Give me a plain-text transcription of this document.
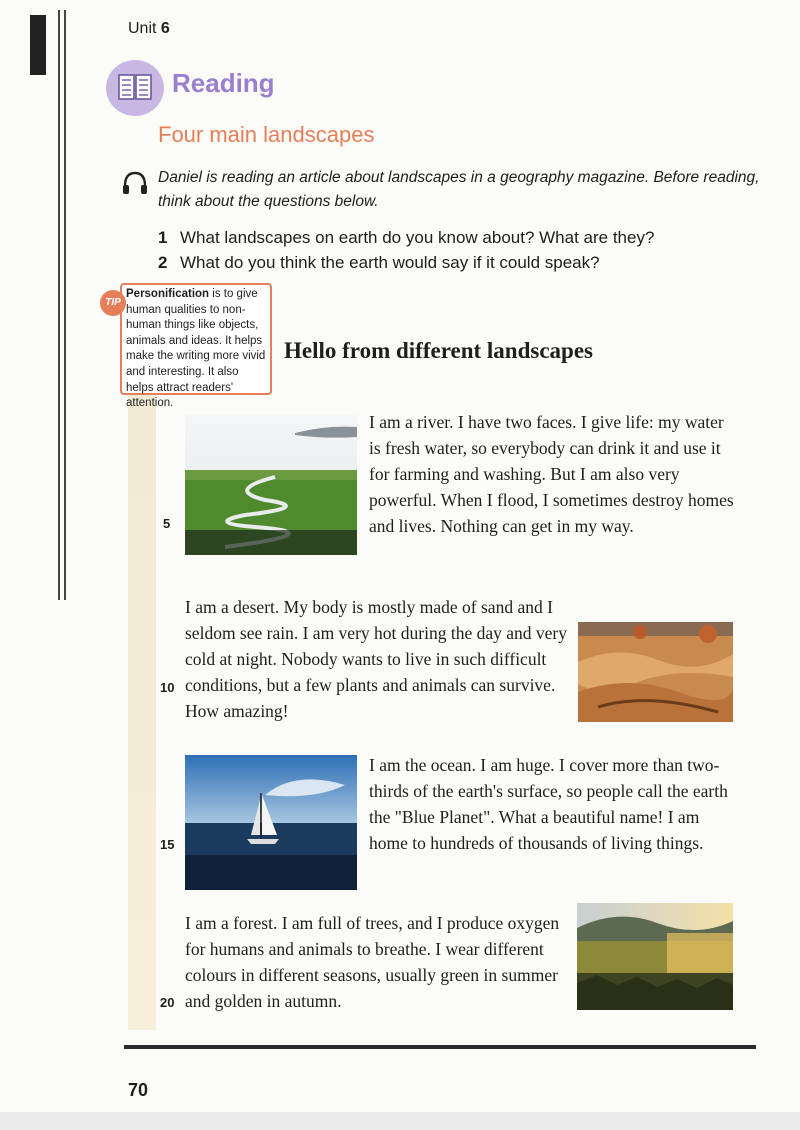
Unit 6
Reading
Four main landscapes
Daniel is reading an article about landscapes in a geography magazine. Before reading, think about the questions below.
1 What landscapes on earth do you know about? What are they?
2 What do you think the earth would say if it could speak?
TIP
Personification is to give human qualities to non-human things like objects, animals and ideas. It helps make the writing more vivid and interesting. It also helps attract readers' attention.
Hello from different landscapes
I am a river. I have two faces. I give life: my water is fresh water, so everybody can drink it and use it for farming and washing. But I am also very powerful. When I flood, I sometimes destroy homes and lives. Nothing can get in my way.
5
I am a desert. My body is mostly made of sand and I seldom see rain. I am very hot during the day and very cold at night. Nobody wants to live in such difficult conditions, but a few plants and animals can survive. How amazing!
10
I am the ocean. I am huge. I cover more than two-thirds of the earth's surface, so people call the earth the "Blue Planet". What a beautiful name! I am home to hundreds of thousands of living things.
15
I am a forest. I am full of trees, and I produce oxygen for humans and animals to breathe. I wear different colours in different seasons, usually green in summer and golden in autumn.
20
70
